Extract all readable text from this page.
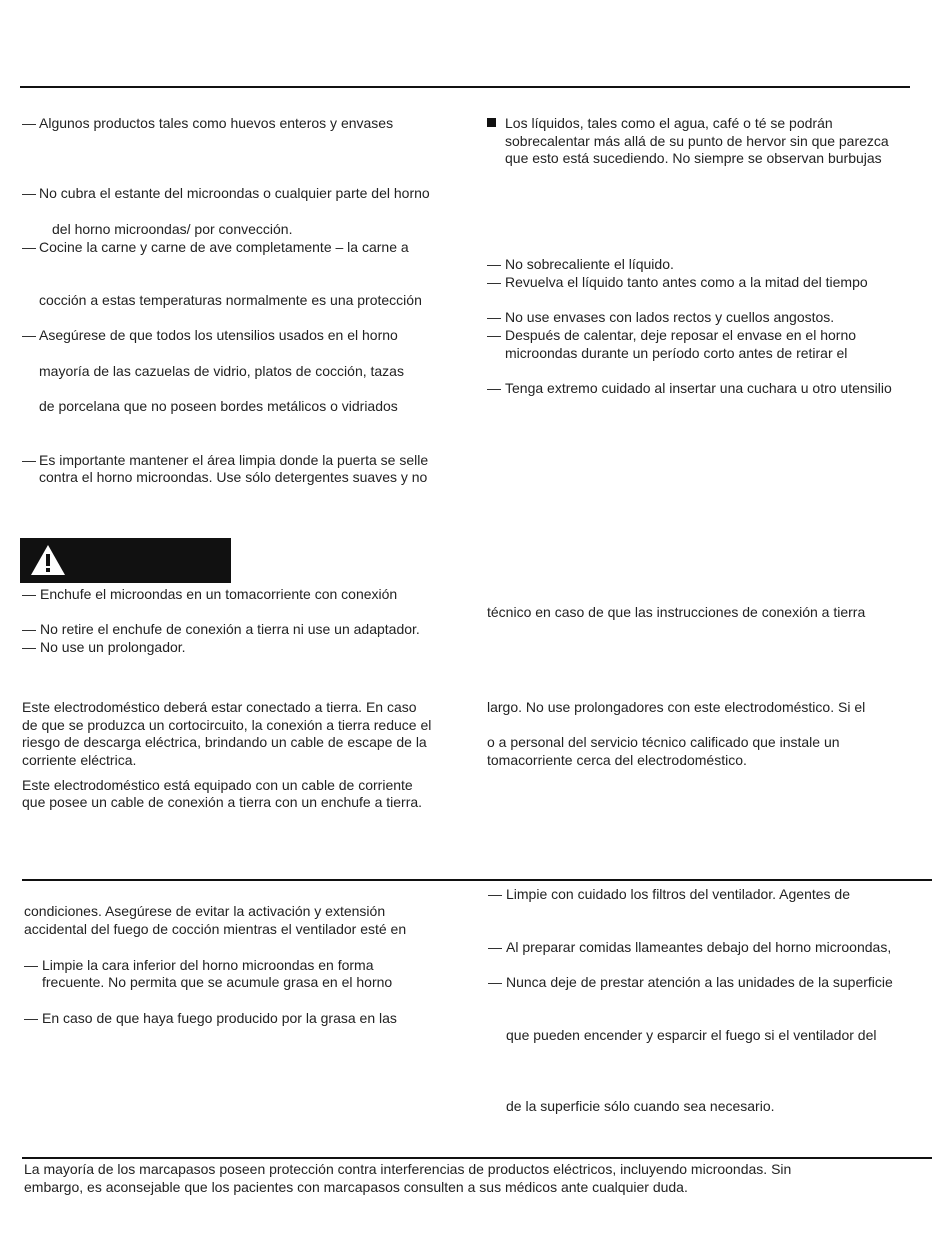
— Algunos productos tales como huevos enteros y envases
— No cubra el estante del microondas o cualquier parte del horno
del horno microondas/ por convección.
— Cocine la carne y carne de ave completamente – la carne a
cocción a estas temperaturas normalmente es una protección
— Asegúrese de que todos los utensilios usados en el horno
mayoría de las cazuelas de vidrio, platos de cocción, tazas
de porcelana que no poseen bordes metálicos o vidriados
— Es importante mantener el área limpia donde la puerta se selle
contra el horno microondas. Use sólo detergentes suaves y no
Los líquidos, tales como el agua, café o té se podrán
sobrecalentar más allá de su punto de hervor sin que parezca
que esto está sucediendo. No siempre se observan burbujas
— No sobrecaliente el líquido.
— Revuelva el líquido tanto antes como a la mitad del tiempo
— No use envases con lados rectos y cuellos angostos.
— Después de calentar, deje reposar el envase en el horno
microondas durante un período corto antes de retirar el
— Tenga extremo cuidado al insertar una cuchara u otro utensilio
— Enchufe el microondas en un tomacorriente con conexión
— No retire el enchufe de conexión a tierra ni use un adaptador.
— No use un prolongador.
técnico en caso de que las instrucciones de conexión a tierra
Este electrodoméstico deberá estar conectado a tierra. En caso
de que se produzca un cortocircuito, la conexión a tierra reduce el
riesgo de descarga eléctrica, brindando un cable de escape de la
corriente eléctrica.
Este electrodoméstico está equipado con un cable de corriente
que posee un cable de conexión a tierra con un enchufe a tierra.
largo. No use prolongadores con este electrodoméstico. Si el
o a personal del servicio técnico calificado que instale un
tomacorriente cerca del electrodoméstico.
condiciones. Asegúrese de evitar la activación y extensión
accidental del fuego de cocción mientras el ventilador esté en
— Limpie la cara inferior del horno microondas en forma
frecuente. No permita que se acumule grasa en el horno
— En caso de que haya fuego producido por la grasa en las
— Limpie con cuidado los filtros del ventilador. Agentes de
— Al preparar comidas llameantes debajo del horno microondas,
— Nunca deje de prestar atención a las unidades de la superficie
que pueden encender y esparcir el fuego si el ventilador del
de la superficie sólo cuando sea necesario.
La mayoría de los marcapasos poseen protección contra interferencias de productos eléctricos, incluyendo microondas. Sin
embargo, es aconsejable que los pacientes con marcapasos consulten a sus médicos ante cualquier duda.
